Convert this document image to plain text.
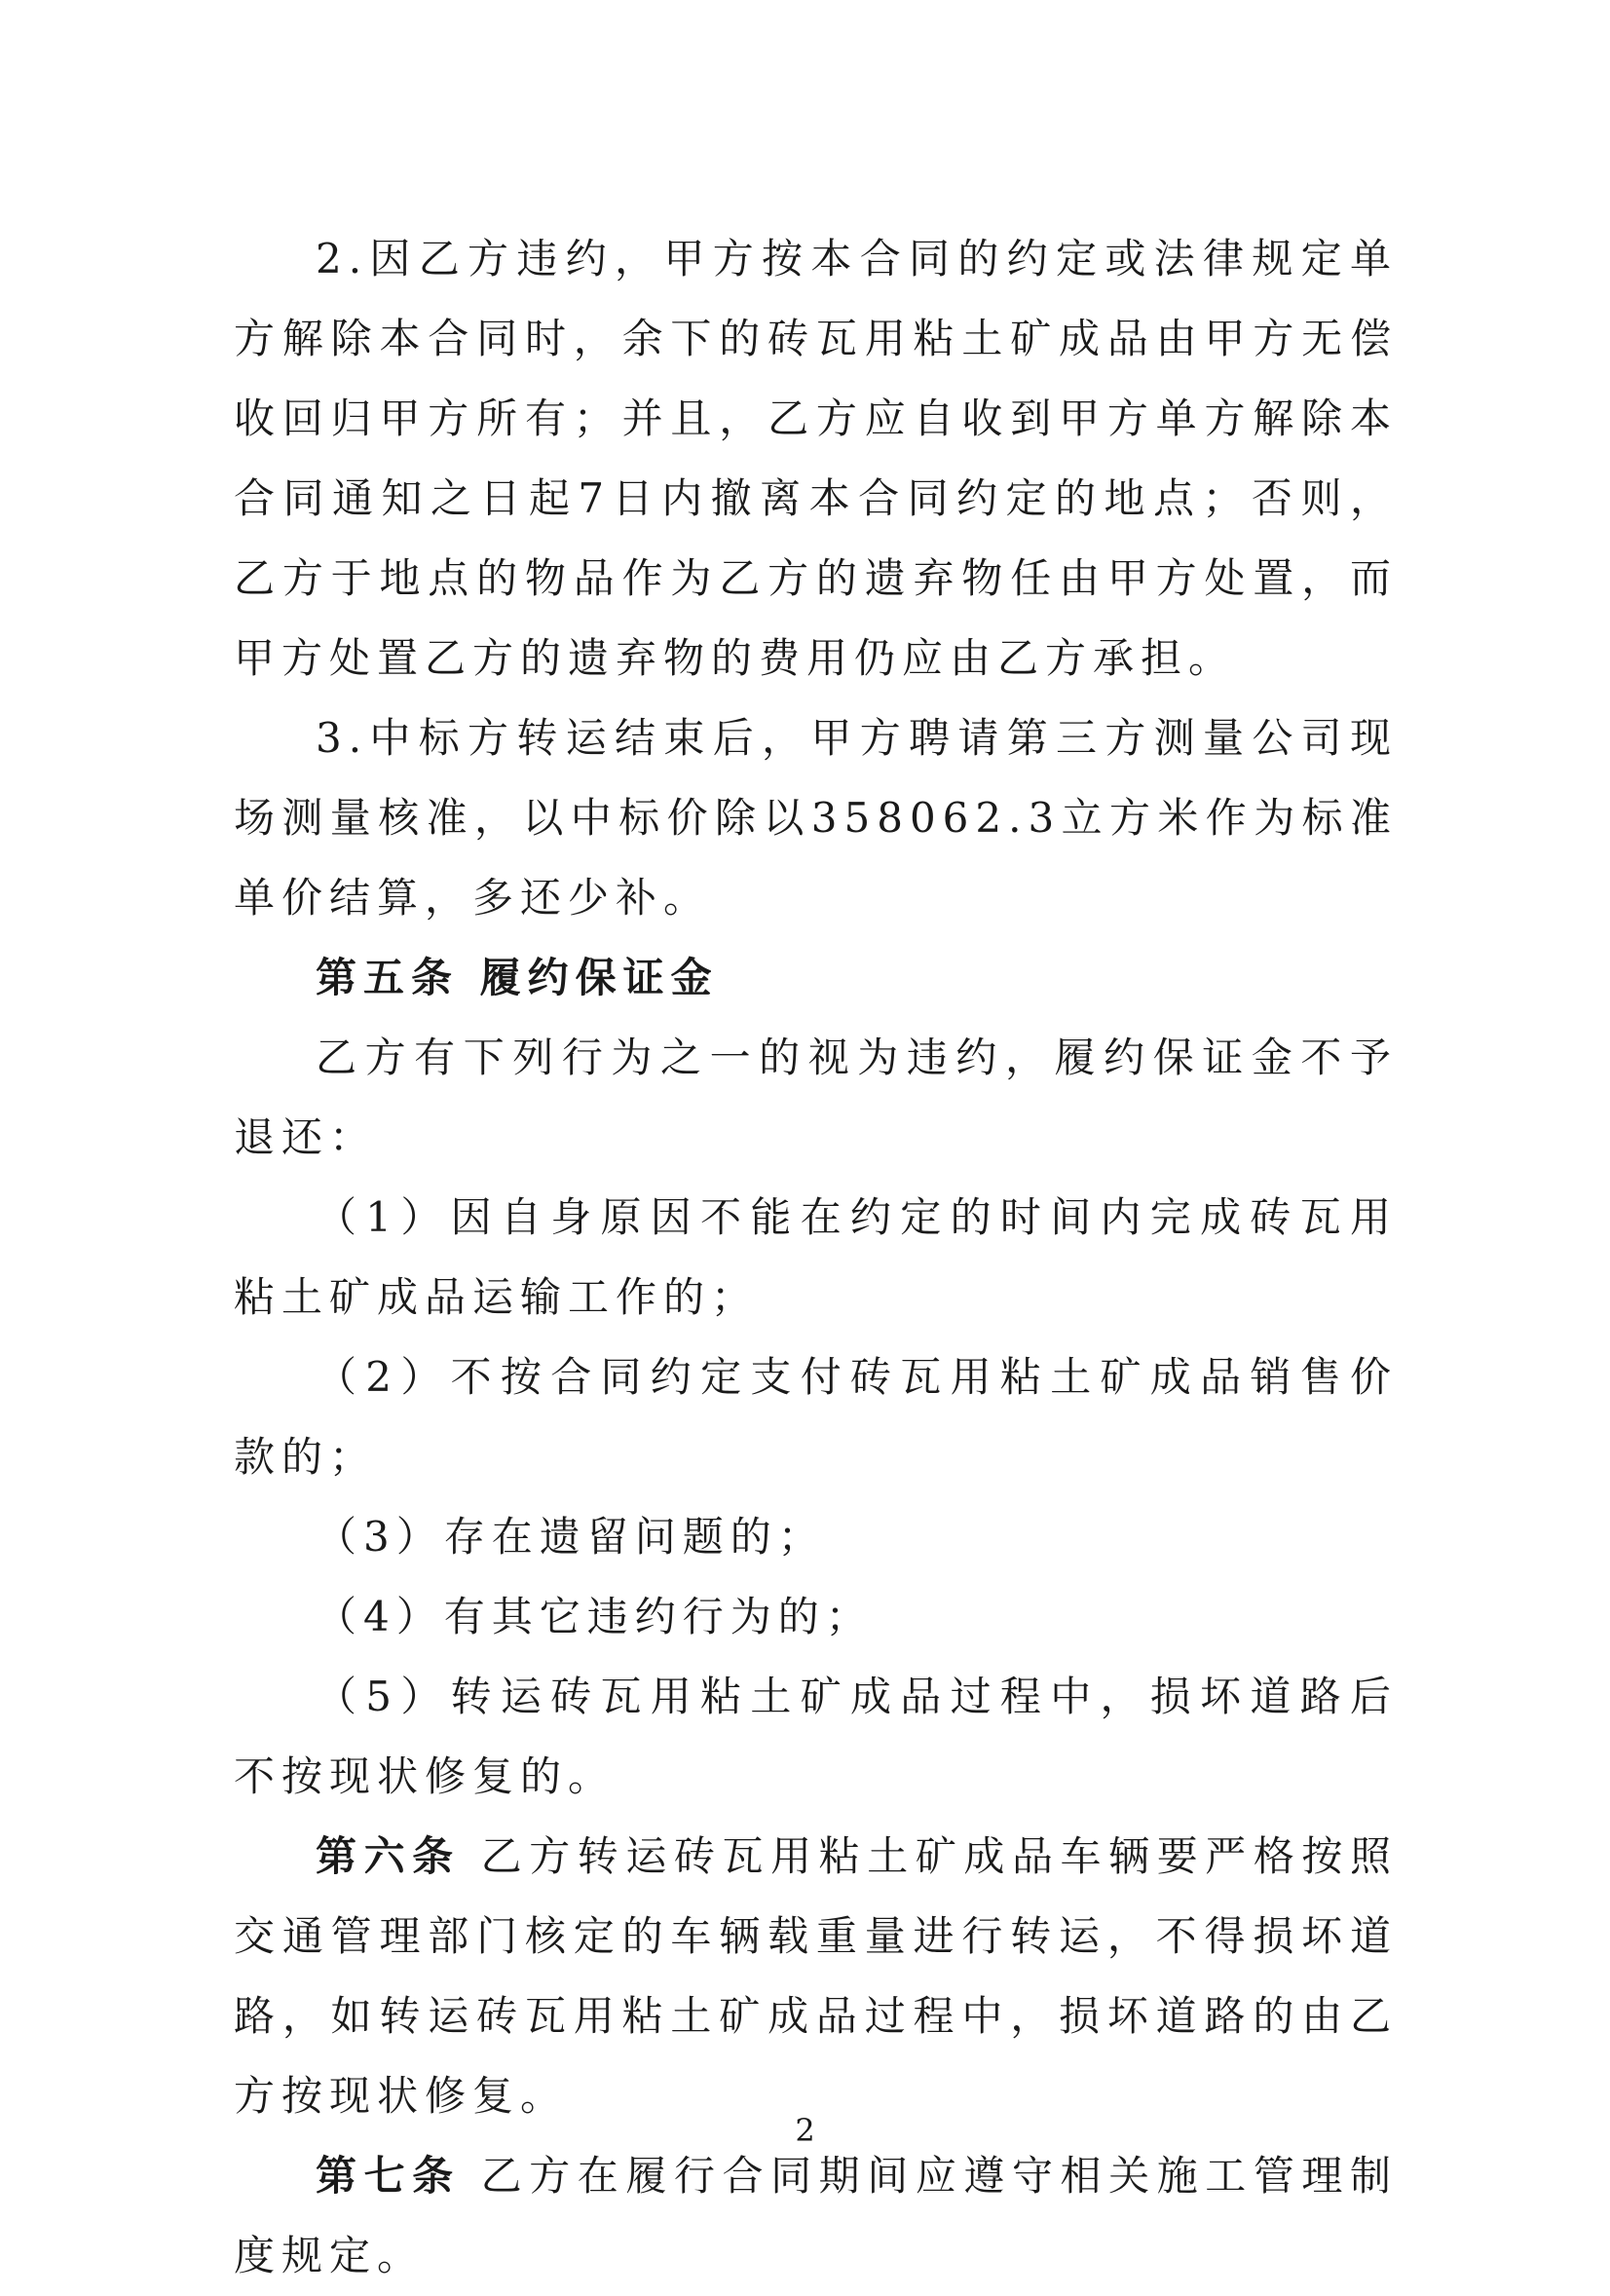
2.因乙方违约，甲方按本合同的约定或法律规定单方解除本合同时，余下的砖瓦用粘土矿成品由甲方无偿收回归甲方所有；并且，乙方应自收到甲方单方解除本合同通知之日起7日内撤离本合同约定的地点；否则，乙方于地点的物品作为乙方的遗弃物任由甲方处置，而甲方处置乙方的遗弃物的费用仍应由乙方承担。

3.中标方转运结束后，甲方聘请第三方测量公司现场测量核准，以中标价除以358062.3立方米作为标准单价结算，多还少补。

第五条 履约保证金

乙方有下列行为之一的视为违约，履约保证金不予退还：

（1）因自身原因不能在约定的时间内完成砖瓦用粘土矿成品运输工作的；

（2）不按合同约定支付砖瓦用粘土矿成品销售价款的；

（3）存在遗留问题的；

（4）有其它违约行为的；

（5）转运砖瓦用粘土矿成品过程中，损坏道路后不按现状修复的。

第六条 乙方转运砖瓦用粘土矿成品车辆要严格按照交通管理部门核定的车辆载重量进行转运，不得损坏道路，如转运砖瓦用粘土矿成品过程中，损坏道路的由乙方按现状修复。

第七条 乙方在履行合同期间应遵守相关施工管理制度规定。

2
